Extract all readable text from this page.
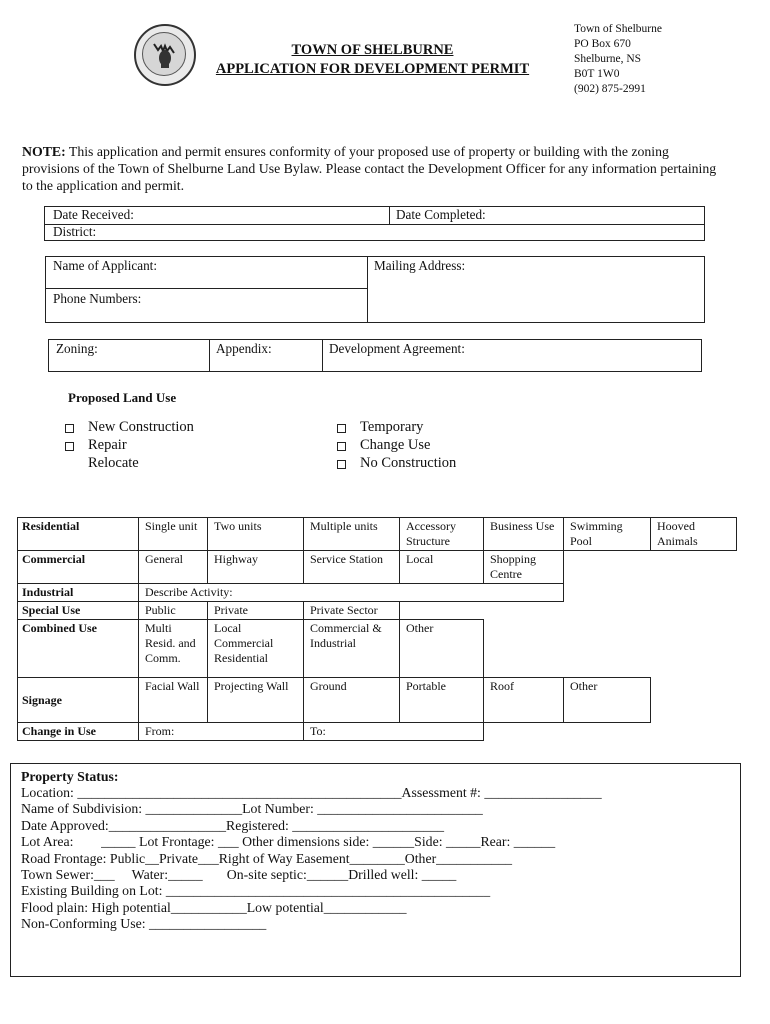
TOWN OF SHELBURNE
APPLICATION FOR DEVELOPMENT PERMIT
Town of Shelburne
PO Box 670
Shelburne, NS
B0T 1W0
(902) 875-2991
NOTE: This application and permit ensures conformity of your proposed use of property or building with the zoning provisions of the Town of Shelburne Land Use Bylaw. Please contact the Development Officer for any information pertaining to the application and permit.
Date Received:	Date Completed:
District:
Name of Applicant:	Mailing Address:
Phone Numbers:
Zoning:	Appendix:	Development Agreement:
Proposed Land Use
New Construction
Repair
Relocate
Temporary
Change Use
No Construction
Residential	Single unit	Two units	Multiple units	Accessory Structure	Business Use	Swimming Pool	Hooved Animals
Commercial	General	Highway	Service Station	Local	Shopping Centre		
Industrial	Describe Activity:						
Special Use	Public	Private	Private Sector				
Combined Use	Multi Resid. and Comm.	Local Commercial Residential	Commercial & Industrial	Other			
Signage	Facial Wall	Projecting Wall	Ground	Portable	Roof	Other	
Change in Use	From:		To:				
Property Status:
Location: _______________________________________________Assessment #: _________________
Name of Subdivision: ______________Lot Number: ________________________
Date Approved:_________________Registered: ______________________
Lot Area:        _____ Lot Frontage: ___ Other dimensions side: ______Side: _____Rear: ______
Road Frontage: Public__Private___Right of Way Easement________Other___________
Town Sewer:___     Water:_____       On-site septic:______Drilled well: _____
Existing Building on Lot: _______________________________________________
Flood plain: High potential___________Low potential____________
Non-Conforming Use: _________________
